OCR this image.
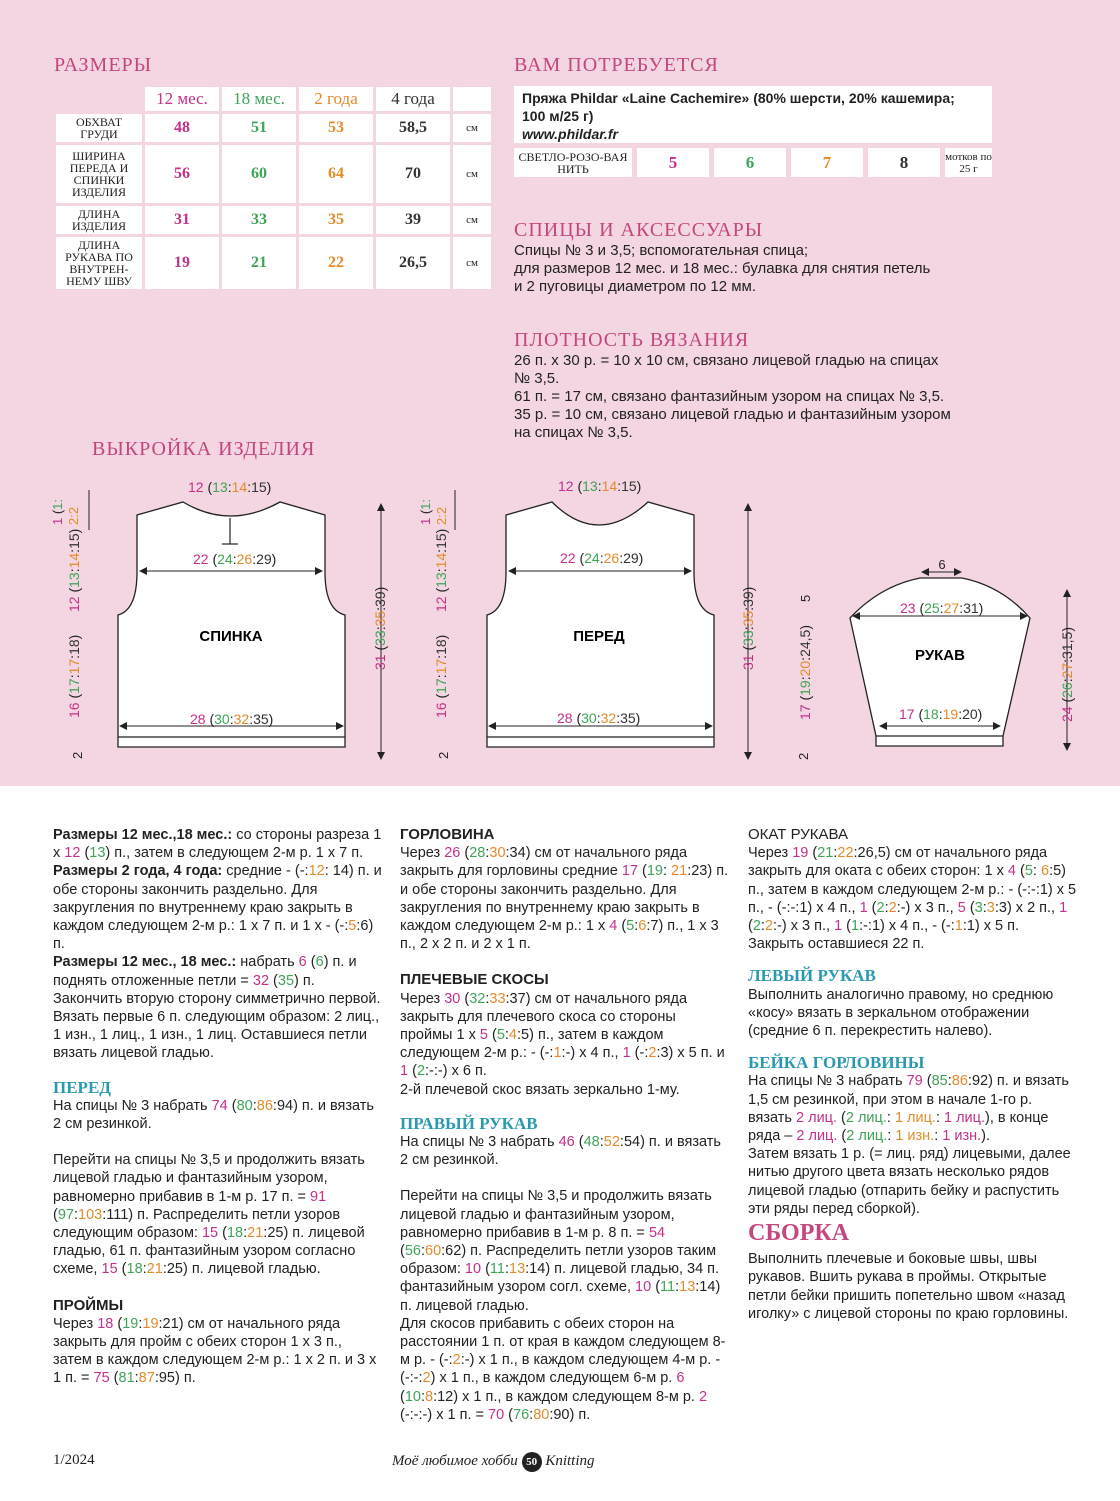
РАЗМЕРЫ
	12 мес.	18 мес.	2 года	4 года	
ОБХВАТ ГРУДИ	48	51	53	58,5	см
ШИРИНА ПЕРЕДА И СПИНКИ ИЗДЕЛИЯ	56	60	64	70	см
ДЛИНА ИЗДЕЛИЯ	31	33	35	39	см
ДЛИНА РУКАВА ПО ВНУТРЕН-НЕМУ ШВУ	19	21	22	26,5	см
ВАМ ПОТРЕБУЕТСЯ
Пряжа Phildar «Laine Cachemire» (80% шерсти, 20% кашемира;
100 м/25 г)
www.phildar.fr
СВЕТЛО-РОЗО-ВАЯ НИТЬ	5	6	7	8	мотков по 25 г
СПИЦЫ И АКСЕССУАРЫ
Спицы № 3 и 3,5; вспомогательная спица;
для размеров 12 мес. и 18 мес.: булавка для снятия петель
и 2 пуговицы диаметром по 12 мм.
ПЛОТНОСТЬ ВЯЗАНИЯ
26 п. х 30 р. = 10 х 10 см, связано лицевой гладью на спицах
№ 3,5.
61 п. = 17 см, связано фантазийным узором на спицах № 3,5.
35 р. = 10 см, связано лицевой гладью и фантазийным узором
на спицах № 3,5.
ВЫКРОЙКА ИЗДЕЛИЯ
12 (13:14:15)
22 (24:26:29)
28 (30:32:35)
СПИНКА
31 (33:35:39)
12 (13:14:15)
16 (17:17:18)
1 (1:
2:2
2
12 (13:14:15)
22 (24:26:29)
28 (30:32:35)
ПЕРЕД
31 (33:35:39)
12 (13:14:15)
16 (17:17:18)
1 (1:
2:2
2
6
23 (25:27:31)
17 (18:19:20)
РУКАВ
5
17 (19:20:24,5)
24 (26:27:31,5)
2

Размеры 12 мес.,18 мес.: со стороны разреза 1 х 12 (13) п., затем в следующем 2-м р. 1 х 7 п.

Размеры 2 года, 4 года: средние - (-:12: 14) п. и обе стороны закончить раздельно. Для закругления по внутреннему краю закрыть в каждом следующем 2-м р.: 1 х 7 п. и 1 х - (-:5:6) п.

Размеры 12 мес., 18 мес.: набрать 6 (6) п. и поднять отложенные петли = 32 (35) п. Закончить вторую сторону симметрично первой. Вязать первые 6 п. следующим образом: 2 лиц., 1 изн., 1 лиц., 1 изн., 1 лиц. Оставшиеся петли вязать лицевой гладью.

ПЕРЕД

На спицы № 3 набрать 74 (80:86:94) п. и вязать 2 см резинкой.

Перейти на спицы № 3,5 и продолжить вязать лицевой гладью и фантазийным узором, равномерно прибавив в 1-м р. 17 п. = 91 (97:103:111) п. Распределить петли узоров следующим образом: 15 (18:21:25) п. лицевой гладью, 61 п. фантазийным узором согласно схеме, 15 (18:21:25) п. лицевой гладью.

ПРОЙМЫ

Через 18 (19:19:21) см от начального ряда закрыть для пройм с обеих сторон 1 х 3 п., затем в каждом следующем 2-м р.: 1 х 2 п. и 3 х 1 п. = 75 (81:87:95) п.

ГОРЛОВИНА

Через 26 (28:30:34) см от начального ряда закрыть для горловины средние 17 (19: 21:23) п. и обе стороны закончить раздельно. Для закругления по внутреннему краю закрыть в каждом следующем 2-м р.: 1 х 4 (5:6:7) п., 1 х 3 п., 2 х 2 п. и 2 х 1 п.

ПЛЕЧЕВЫЕ СКОСЫ

Через 30 (32:33:37) см от начального ряда закрыть для плечевого скоса со стороны проймы 1 х 5 (5:4:5) п., затем в каждом следующем 2-м р.: - (-:1:-) х 4 п., 1 (-:2:3) х 5 п. и 1 (2:-:-) х 6 п.

2-й плечевой скос вязать зеркально 1-му.

ПРАВЫЙ РУКАВ

На спицы № 3 набрать 46 (48:52:54) п. и вязать 2 см резинкой.

Перейти на спицы № 3,5 и продолжить вязать лицевой гладью и фантазийным узором, равномерно прибавив в 1-м р. 8 п. = 54 (56:60:62) п. Распределить петли узоров таким образом: 10 (11:13:14) п. лицевой гладью, 34 п. фантазийным узором согл. схеме, 10 (11:13:14) п. лицевой гладью.

Для скосов прибавить с обеих сторон на расстоянии 1 п. от края в каждом следующем 8-м р. - (-:2:-) х 1 п., в каждом следующем 4-м р. - (-:-:2) х 1 п., в каждом следующем 6-м р. 6 (10:8:12) х 1 п., в каждом следующем 8-м р. 2 (-:-:-) х 1 п. = 70 (76:80:90) п.

ОКАТ РУКАВА

Через 19 (21:22:26,5) см от начального ряда закрыть для оката с обеих сторон: 1 х 4 (5: 6:5) п., затем в каждом следующем 2-м р.: - (-:-:1) х 5 п., - (-:-:1) х 4 п., 1 (2:2:-) х 3 п., 5 (3:3:3) х 2 п., 1 (2:2:-) х 3 п., 1 (1:-:1) х 4 п., - (-:1:1) х 5 п.

Закрыть оставшиеся 22 п.

ЛЕВЫЙ РУКАВ

Выполнить аналогично правому, но среднюю «косу» вязать в зеркальном отображении (средние 6 п. перекрестить налево).

БЕЙКА ГОРЛОВИНЫ

На спицы № 3 набрать 79 (85:86:92) п. и вязать 1,5 см резинкой, при этом в начале 1-го р. вязать 2 лиц. (2 лиц.: 1 лиц.: 1 лиц.), в конце ряда – 2 лиц. (2 лиц.: 1 изн.: 1 изн.).

Затем вязать 1 р. (= лиц. ряд) лицевыми, далее нитью другого цвета вязать несколько рядов лицевой гладью (отпарить бейку и распустить эти ряды перед сборкой).

СБОРКА

Выполнить плечевые и боковые швы, швы рукавов. Вшить рукава в проймы. Открытые петли бейки пришить попетельно швом «назад иголку» с лицевой стороны по краю горловины.

1/2024	Моё любимое хобби 50 Knitting
